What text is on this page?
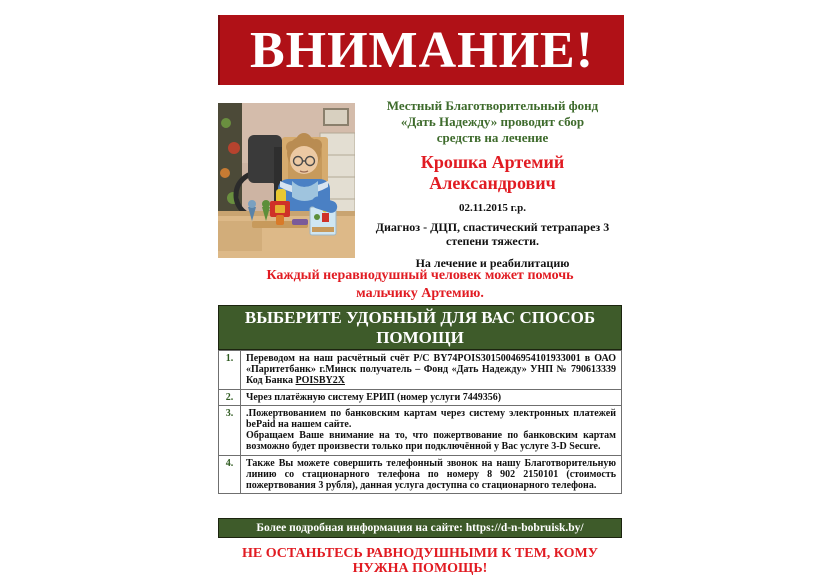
ВНИМАНИЕ!
Местный Благотворительный фонд «Дать Надежду» проводит сбор средств на лечение
Крошка Артемий Александрович
02.11.2015 г.р.
Диагноз - ДЦП, спастический тетрапарез 3 степени тяжести.
На лечение и реабилитацию
Каждый неравнодушный человек может помочь мальчику Артемию.
ВЫБЕРИТЕ УДОБНЫЙ ДЛЯ ВАС СПОСОБ ПОМОЩИ
1.	Переводом на наш расчётный счёт Р/С BY74POIS30150046954101933001 в ОАО «Паритетбанк» г.Минск получатель – Фонд «Дать Надежду» УНП № 790613339 Код Банка POISBY2X
2.	Через платёжную систему ЕРИП (номер услуги 7449356)
3.	.Пожертвованием по банковским картам через систему электронных платежей bePaid на нашем сайте.
Обращаем Ваше внимание на то, что пожертвование по банковским картам возможно будет произвести только при подключённой у Вас услуге 3-D Secure.

4.	Также Вы можете совершить телефонный звонок на нашу Благотворительную линию со стационарного телефона по номеру 8 902 2150101 (стоимость пожертвования 3 рубля), данная услуга доступна со стационарного телефона.
Более подробная информация на сайте: https://d-n-bobruisk.by/
НЕ ОСТАНЬТЕСЬ РАВНОДУШНЫМИ К ТЕМ, КОМУ НУЖНА ПОМОЩЬ!
